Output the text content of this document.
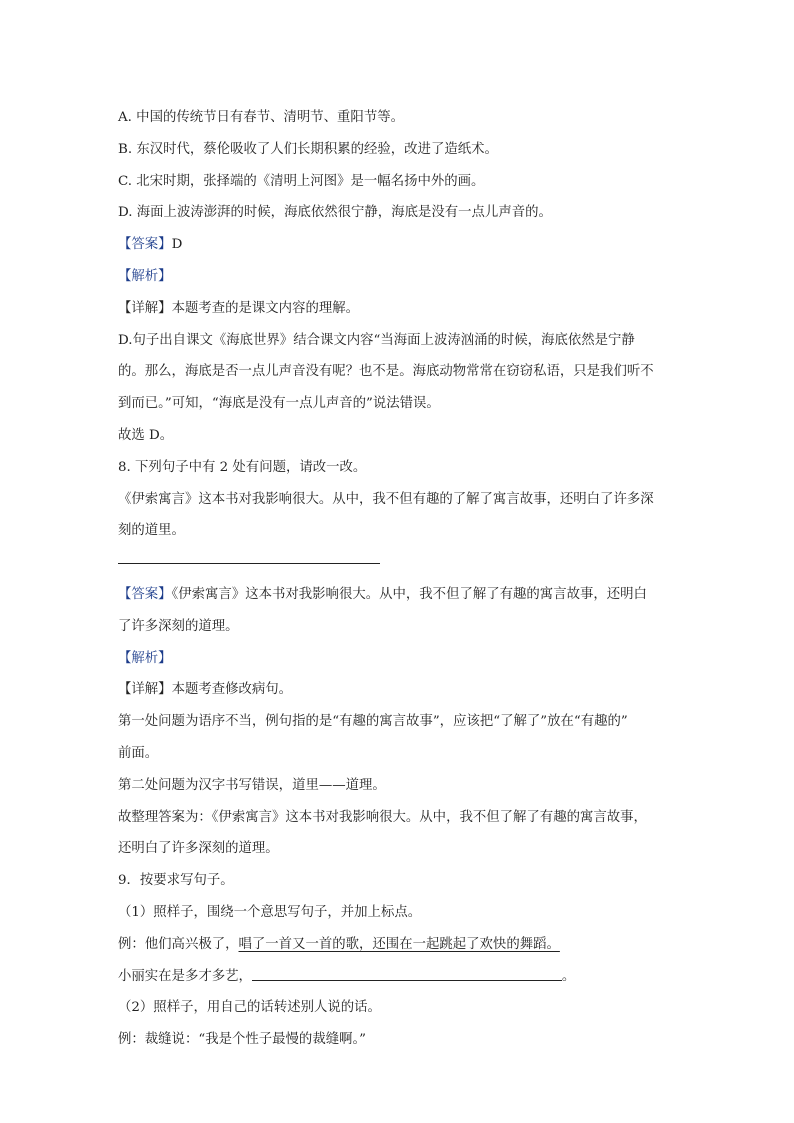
A. 中国的传统节日有春节、清明节、重阳节等。
B. 东汉时代，蔡伦吸收了人们长期积累的经验，改进了造纸术。
C. 北宋时期，张择端的《清明上河图》是一幅名扬中外的画。
D. 海面上波涛澎湃的时候，海底依然很宁静，海底是没有一点儿声音的。
【答案】D
【解析】
【详解】本题考查的是课文内容的理解。
D.句子出自课文《海底世界》结合课文内容“当海面上波涛汹涌的时候，海底依然是宁静
的。那么，海底是否一点儿声音没有呢？也不是。海底动物常常在窃窃私语，只是我们听不
到而已。”可知，“海底是没有一点儿声音的”说法错误。
故选 D。
8. 下列句子中有 2 处有问题，请改一改。
《伊索寓言》这本书对我影响很大。从中，我不但有趣的了解了寓言故事，还明白了许多深
刻的道里。
【答案】《伊索寓言》这本书对我影响很大。从中，我不但了解了有趣的寓言故事，还明白
了许多深刻的道理。
【解析】
【详解】本题考查修改病句。
第一处问题为语序不当，例句指的是“有趣的寓言故事”，应该把“了解了”放在“有趣的”
前面。
第二处问题为汉字书写错误，道里——道理。
故整理答案为：《伊索寓言》这本书对我影响很大。从中，我不但了解了有趣的寓言故事，
还明白了许多深刻的道理。
9．按要求写句子。
（1）照样子，围绕一个意思写句子，并加上标点。
例：他们高兴极了，唱了一首又一首的歌，还围在一起跳起了欢快的舞蹈。
小丽实在是多才多艺，	。
（2）照样子，用自己的话转述别人说的话。
例：裁缝说：“我是个性子最慢的裁缝啊。”
